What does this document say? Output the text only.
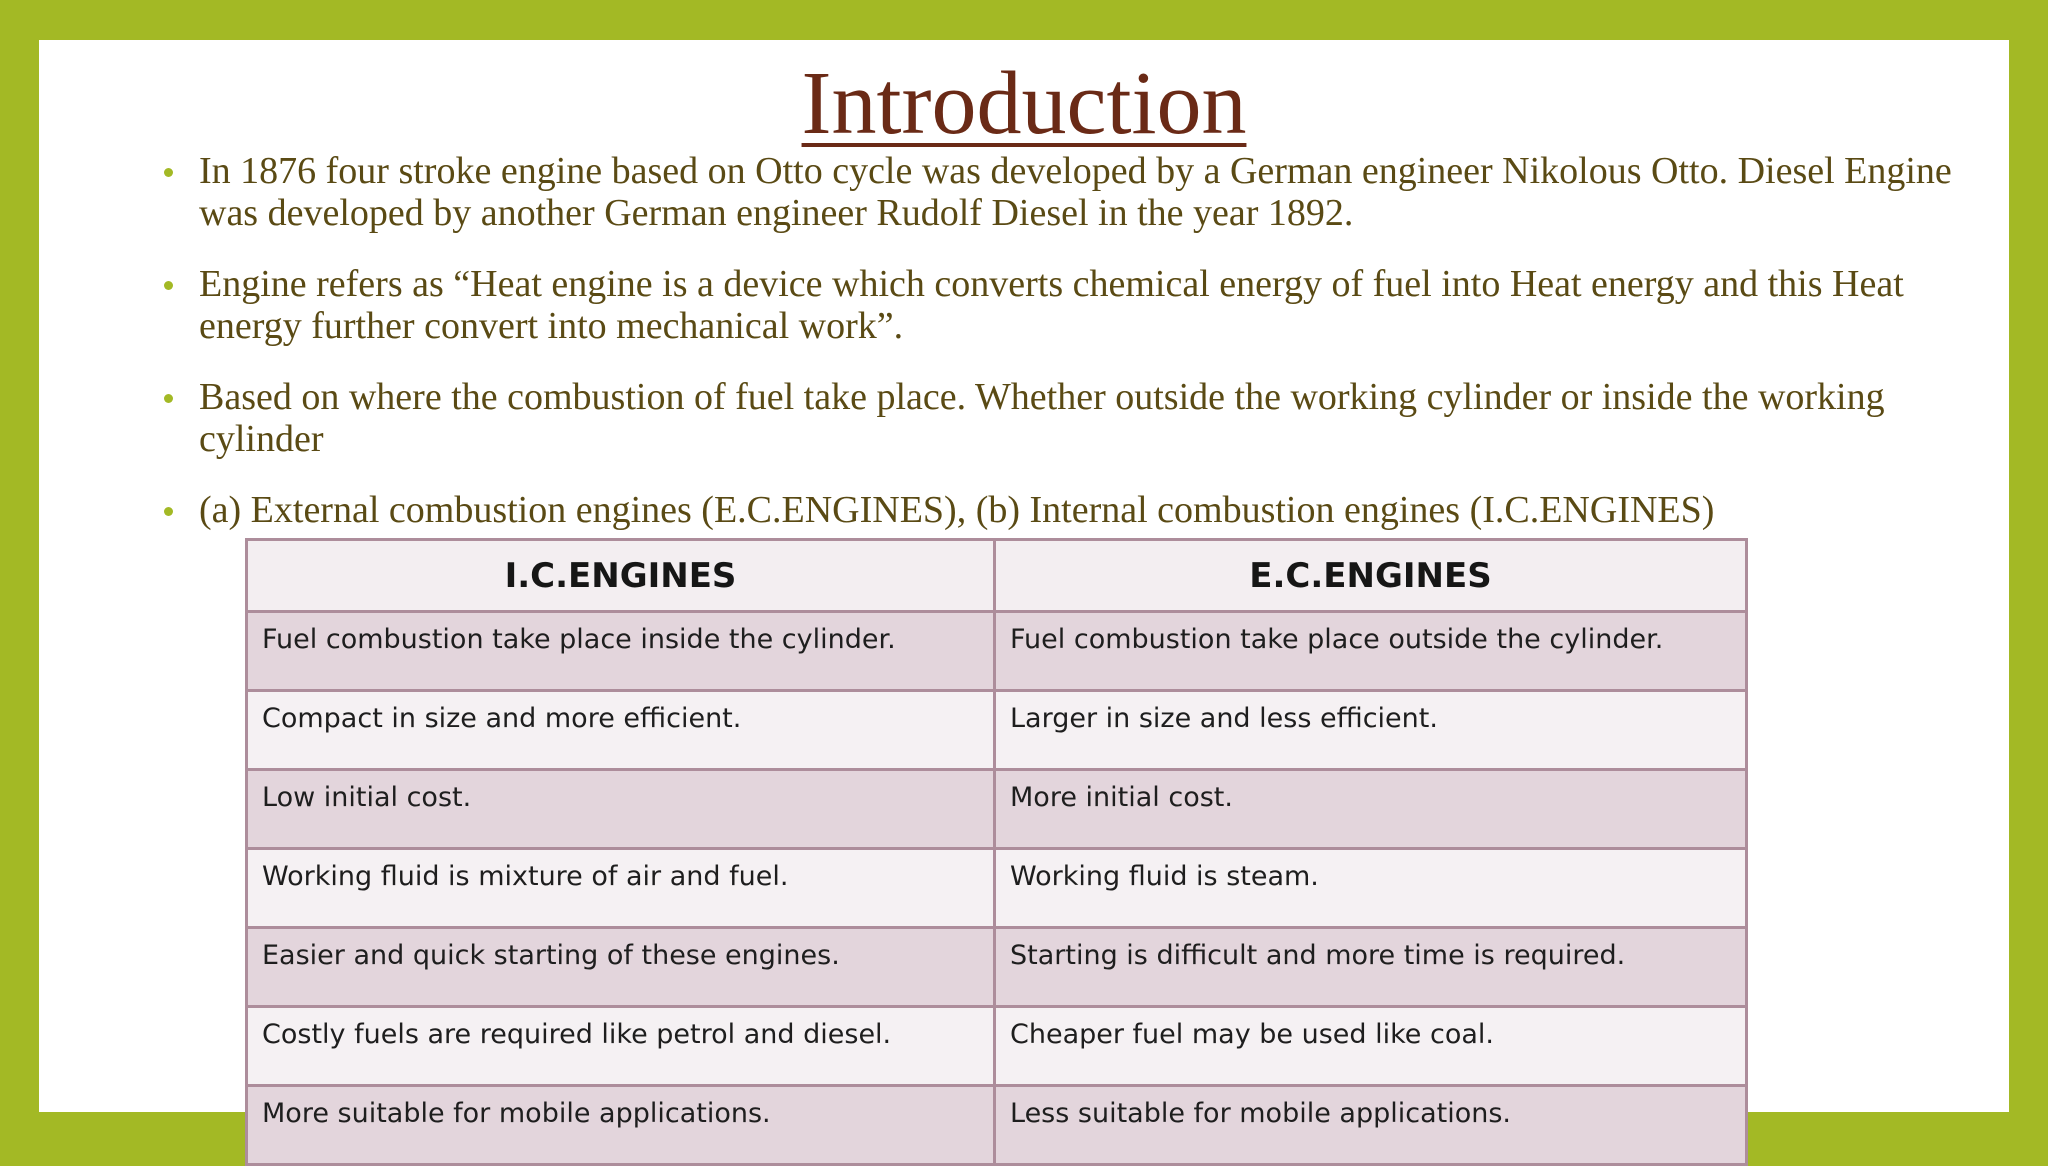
Introduction
In 1876 four stroke engine based on Otto cycle was developed by a German engineer Nikolous Otto. Diesel Engine was developed by another German engineer Rudolf Diesel in the year 1892.
Engine refers as “Heat engine is a device which converts chemical energy of fuel into Heat energy and this Heat energy further convert into mechanical work”.
Based on where the combustion of fuel take place. Whether outside the working cylinder or inside the working cylinder
(a) External combustion engines (E.C.ENGINES), (b) Internal combustion engines (I.C.ENGINES)
I.C.ENGINES	E.C.ENGINES
Fuel combustion take place inside the cylinder.	Fuel combustion take place outside the cylinder.
Compact in size and more efficient.	Larger in size and less efficient.
Low initial cost.	More initial cost.
Working fluid is mixture of air and fuel.	Working fluid is steam.
Easier and quick starting of these engines.	Starting is difficult and more time is required.
Costly fuels are required like petrol and diesel.	Cheaper fuel may be used like coal.
More suitable for mobile applications.	Less suitable for mobile applications.
